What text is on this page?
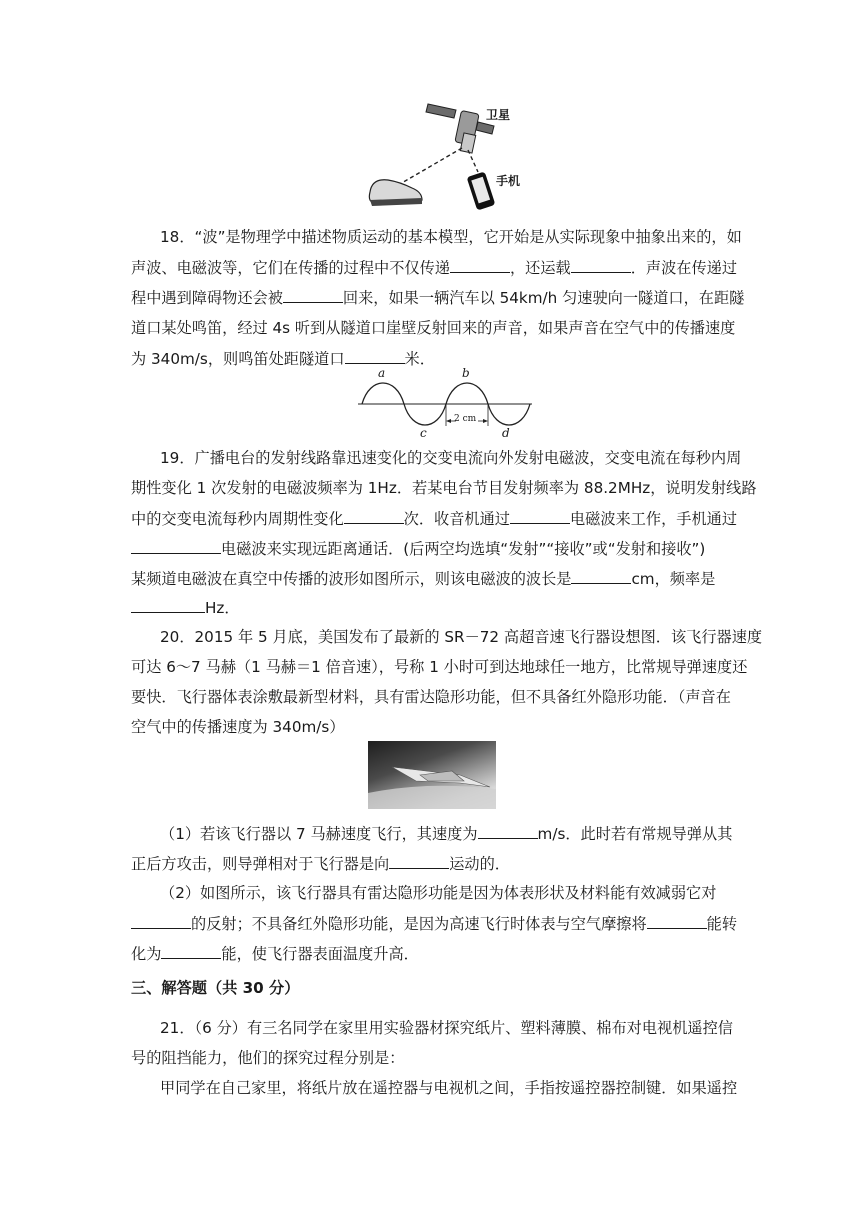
卫星
手机
18．“波”是物理学中描述物质运动的基本模型，它开始是从实际现象中抽象出来的，如
声波、电磁波等，它们在传播的过程中不仅传递	，还运载	．声波在传递过
程中遇到障碍物还会被	回来，如果一辆汽车以 54km/h 匀速驶向一隧道口，在距隧
道口某处鸣笛，经过 4s 听到从隧道口崖壁反射回来的声音，如果声音在空气中的传播速度
为 340m/s，则鸣笛处距隧道口	米．
a	b
c	d
2 cm
19．广播电台的发射线路靠迅速变化的交变电流向外发射电磁波，交变电流在每秒内周
期性变化 1 次发射的电磁波频率为 1Hz．若某电台节目发射频率为 88.2MHz，说明发射线路
中的交变电流每秒内周期性变化	次．收音机通过	电磁波来工作，手机通过
电磁波来实现远距离通话．(后两空均选填“发射”“接收”或“发射和接收”)
某频道电磁波在真空中传播的波形如图所示，则该电磁波的波长是	cm，频率是
Hz．
20．2015 年 5 月底，美国发布了最新的 SR－72 高超音速飞行器设想图．该飞行器速度
可达 6～7 马赫（1 马赫＝1 倍音速），号称 1 小时可到达地球任一地方，比常规导弹速度还
要快．飞行器体表涂敷最新型材料，具有雷达隐形功能，但不具备红外隐形功能．（声音在
空气中的传播速度为 340m/s）
（1）若该飞行器以 7 马赫速度飞行，其速度为	m/s．此时若有常规导弹从其
正后方攻击，则导弹相对于飞行器是向	运动的．
（2）如图所示，该飞行器具有雷达隐形功能是因为体表形状及材料能有效减弱它对
的反射；不具备红外隐形功能，是因为高速飞行时体表与空气摩擦将	能转
化为	能，使飞行器表面温度升高．
三、解答题（共 30 分）
21．（6 分）有三名同学在家里用实验器材探究纸片、塑料薄膜、棉布对电视机遥控信
号的阻挡能力，他们的探究过程分别是：
甲同学在自己家里，将纸片放在遥控器与电视机之间，手指按遥控器控制键．如果遥控
